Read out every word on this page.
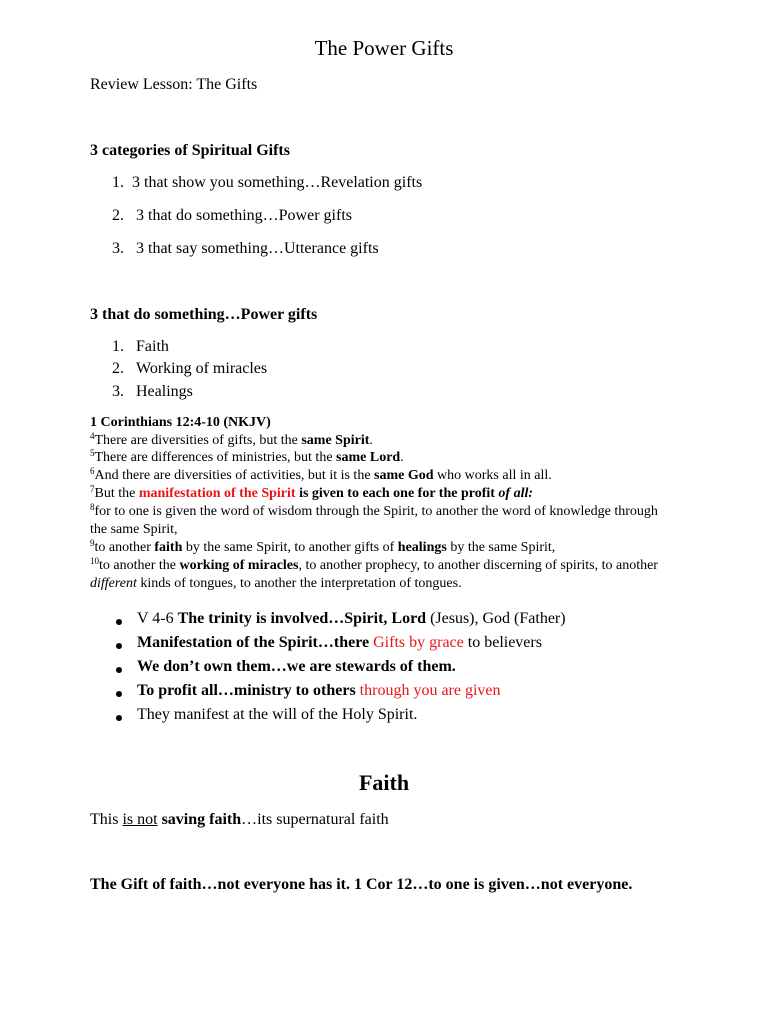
The Power Gifts
Review Lesson: The Gifts
3 categories of Spiritual Gifts
1. 3 that show you something…Revelation gifts
2. 3 that do something…Power gifts
3. 3 that say something…Utterance gifts
3 that do something…Power gifts
1. Faith
2. Working of miracles
3. Healings
1 Corinthians 12:4-10 (NKJV)
$^4$There are diversities of gifts, but the same Spirit.
$^5$There are differences of ministries, but the same Lord.
$^6$And there are diversities of activities, but it is the same God who works all in all.
$^7$But the manifestation of the Spirit is given to each one for the profit of all:
$^8$for to one is given the word of wisdom through the Spirit, to another the word of knowledge through
the same Spirit,
$^9$to another faith by the same Spirit, to another gifts of healings by the same Spirit,
$^{10}$to another the working of miracles, to another prophecy, to another discerning of spirits, to another
different kinds of tongues, to another the interpretation of tongues.
V 4-6 The trinity is involved…Spirit, Lord (Jesus), God (Father)
Manifestation of the Spirit…there Gifts by grace to believers
We don’t own them…we are stewards of them.
To profit all…ministry to others through you are given
They manifest at the will of the Holy Spirit.
Faith
This is not saving faith…its supernatural faith
The Gift of faith…not everyone has it. 1 Cor 12…to one is given…not everyone.
